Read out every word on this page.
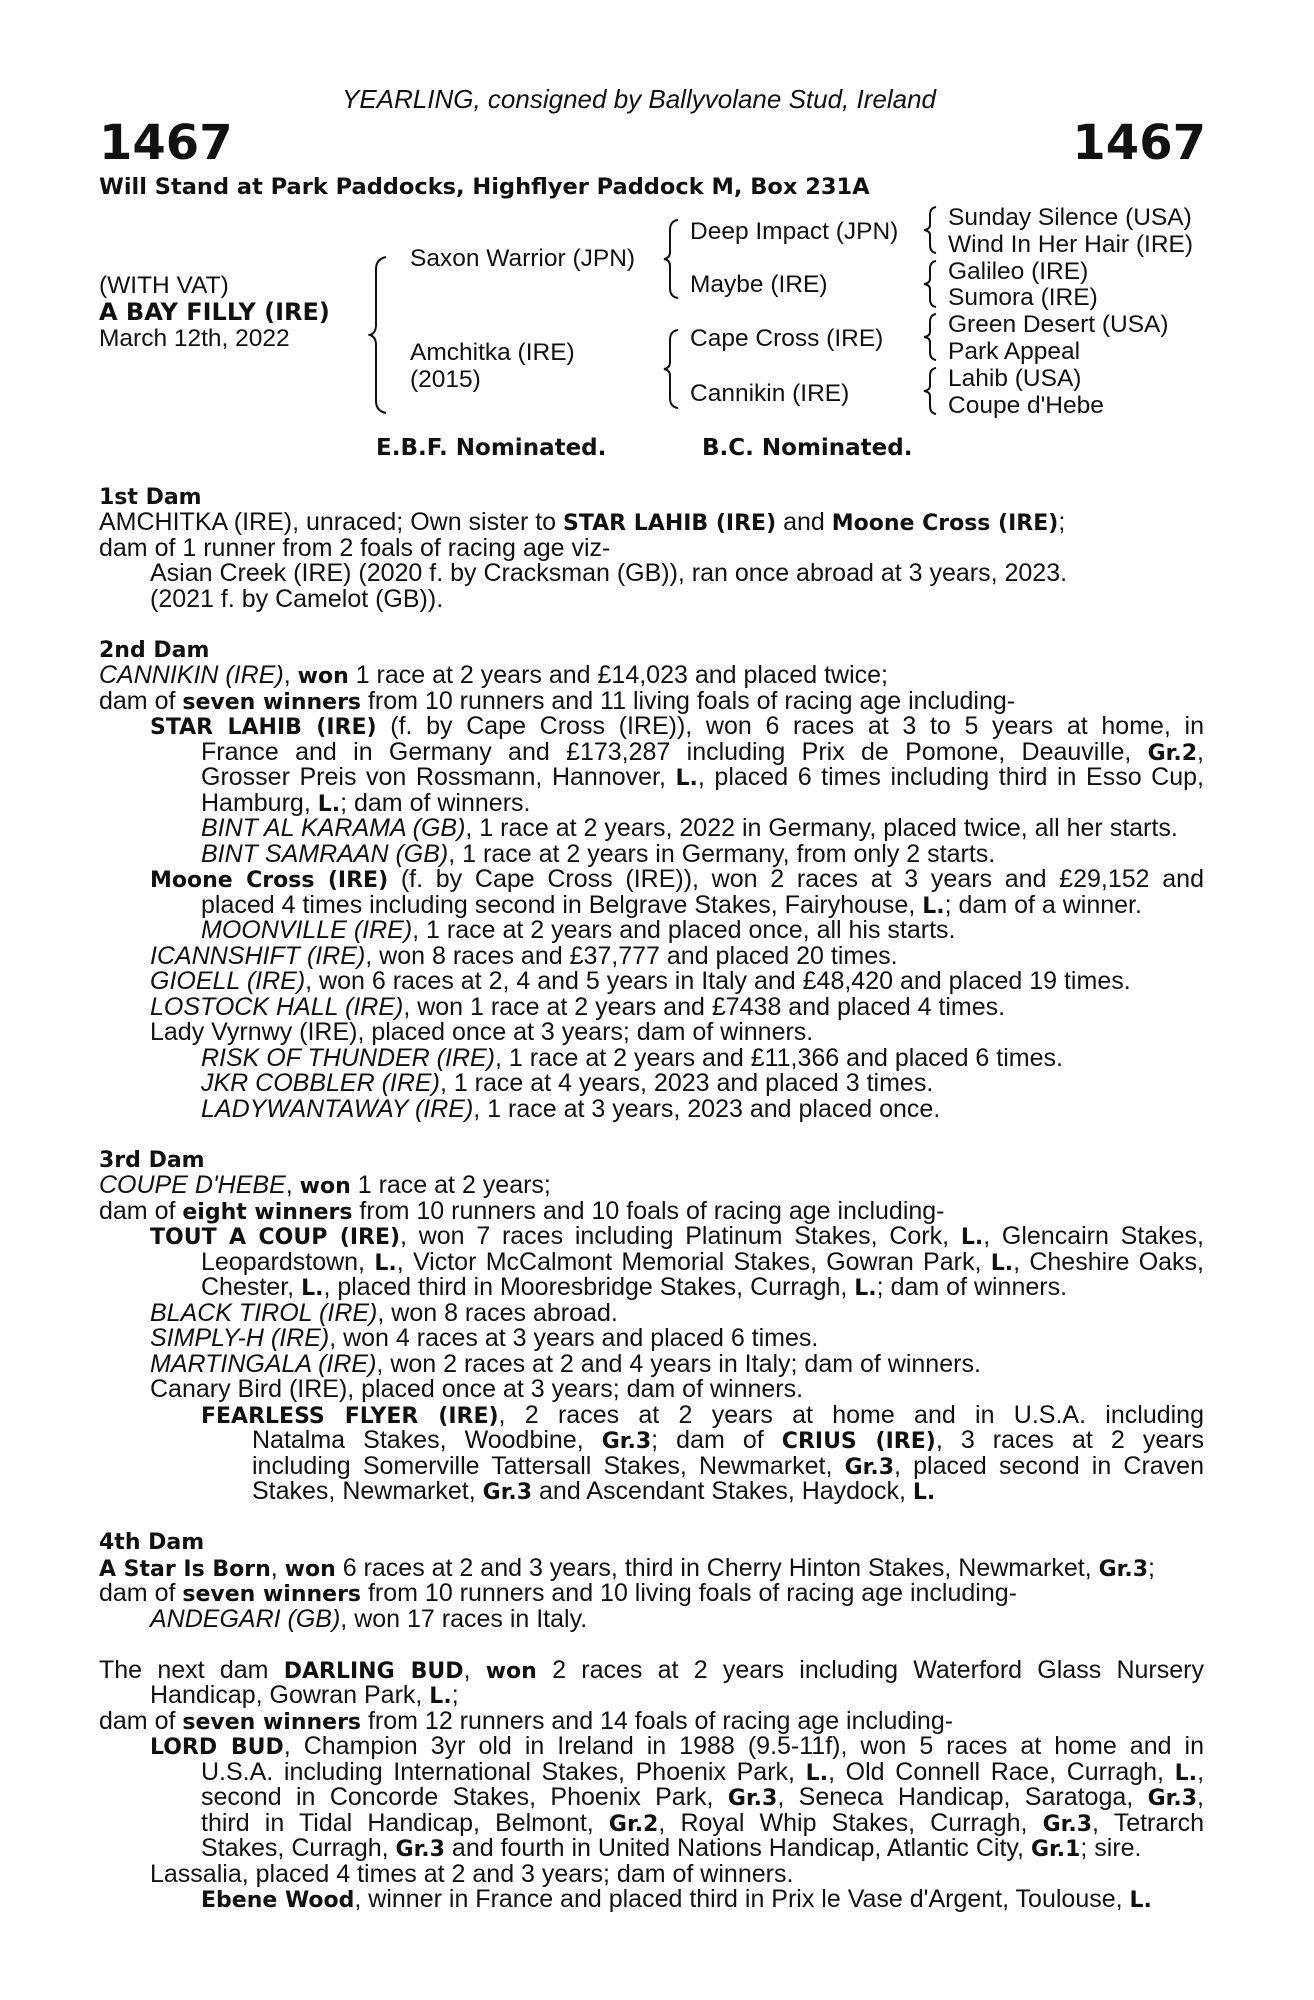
YEARLING, consigned by Ballyvolane Stud, Ireland
1467	1467
Will Stand at Park Paddocks, Highflyer Paddock M, Box 231A
(WITH VAT)
A BAY FILLY (IRE)
March 12th, 2022
Saxon Warrior (JPN)
Amchitka (IRE)
(2015)
Deep Impact (JPN)
Maybe (IRE)
Cape Cross (IRE)
Cannikin (IRE)
Sunday Silence (USA)
Wind In Her Hair (IRE)
Galileo (IRE)
Sumora (IRE)
Green Desert (USA)
Park Appeal
Lahib (USA)
Coupe d'Hebe
E.B.F. Nominated.	B.C. Nominated.
1st Dam
AMCHITKA (IRE), unraced; Own sister to STAR LAHIB (IRE) and Moone Cross (IRE);
dam of 1 runner from 2 foals of racing age viz-
Asian Creek (IRE) (2020 f. by Cracksman (GB)), ran once abroad at 3 years, 2023.
(2021 f. by Camelot (GB)).
2nd Dam
CANNIKIN (IRE), won 1 race at 2 years and £14,023 and placed twice;
dam of seven winners from 10 runners and 11 living foals of racing age including-
STAR LAHIB (IRE) (f. by Cape Cross (IRE)), won 6 races at 3 to 5 years at home, in
France and in Germany and £173,287 including Prix de Pomone, Deauville, Gr.2,
Grosser Preis von Rossmann, Hannover, L., placed 6 times including third in Esso Cup,
Hamburg, L.; dam of winners.
BINT AL KARAMA (GB), 1 race at 2 years, 2022 in Germany, placed twice, all her starts.
BINT SAMRAAN (GB), 1 race at 2 years in Germany, from only 2 starts.
Moone Cross (IRE) (f. by Cape Cross (IRE)), won 2 races at 3 years and £29,152 and
placed 4 times including second in Belgrave Stakes, Fairyhouse, L.; dam of a winner.
MOONVILLE (IRE), 1 race at 2 years and placed once, all his starts.
ICANNSHIFT (IRE), won 8 races and £37,777 and placed 20 times.
GIOELL (IRE), won 6 races at 2, 4 and 5 years in Italy and £48,420 and placed 19 times.
LOSTOCK HALL (IRE), won 1 race at 2 years and £7438 and placed 4 times.
Lady Vyrnwy (IRE), placed once at 3 years; dam of winners.
RISK OF THUNDER (IRE), 1 race at 2 years and £11,366 and placed 6 times.
JKR COBBLER (IRE), 1 race at 4 years, 2023 and placed 3 times.
LADYWANTAWAY (IRE), 1 race at 3 years, 2023 and placed once.
3rd Dam
COUPE D'HEBE, won 1 race at 2 years;
dam of eight winners from 10 runners and 10 foals of racing age including-
TOUT A COUP (IRE), won 7 races including Platinum Stakes, Cork, L., Glencairn Stakes,
Leopardstown, L., Victor McCalmont Memorial Stakes, Gowran Park, L., Cheshire Oaks,
Chester, L., placed third in Mooresbridge Stakes, Curragh, L.; dam of winners.
BLACK TIROL (IRE), won 8 races abroad.
SIMPLY-H (IRE), won 4 races at 3 years and placed 6 times.
MARTINGALA (IRE), won 2 races at 2 and 4 years in Italy; dam of winners.
Canary Bird (IRE), placed once at 3 years; dam of winners.
FEARLESS FLYER (IRE), 2 races at 2 years at home and in U.S.A. including
Natalma Stakes, Woodbine, Gr.3; dam of CRIUS (IRE), 3 races at 2 years
including Somerville Tattersall Stakes, Newmarket, Gr.3, placed second in Craven
Stakes, Newmarket, Gr.3 and Ascendant Stakes, Haydock, L.
4th Dam
A Star Is Born, won 6 races at 2 and 3 years, third in Cherry Hinton Stakes, Newmarket, Gr.3;
dam of seven winners from 10 runners and 10 living foals of racing age including-
ANDEGARI (GB), won 17 races in Italy.
The next dam DARLING BUD, won 2 races at 2 years including Waterford Glass Nursery
Handicap, Gowran Park, L.;
dam of seven winners from 12 runners and 14 foals of racing age including-
LORD BUD, Champion 3yr old in Ireland in 1988 (9.5-11f), won 5 races at home and in
U.S.A. including International Stakes, Phoenix Park, L., Old Connell Race, Curragh, L.,
second in Concorde Stakes, Phoenix Park, Gr.3, Seneca Handicap, Saratoga, Gr.3,
third in Tidal Handicap, Belmont, Gr.2, Royal Whip Stakes, Curragh, Gr.3, Tetrarch
Stakes, Curragh, Gr.3 and fourth in United Nations Handicap, Atlantic City, Gr.1; sire.
Lassalia, placed 4 times at 2 and 3 years; dam of winners.
Ebene Wood, winner in France and placed third in Prix le Vase d'Argent, Toulouse, L.
